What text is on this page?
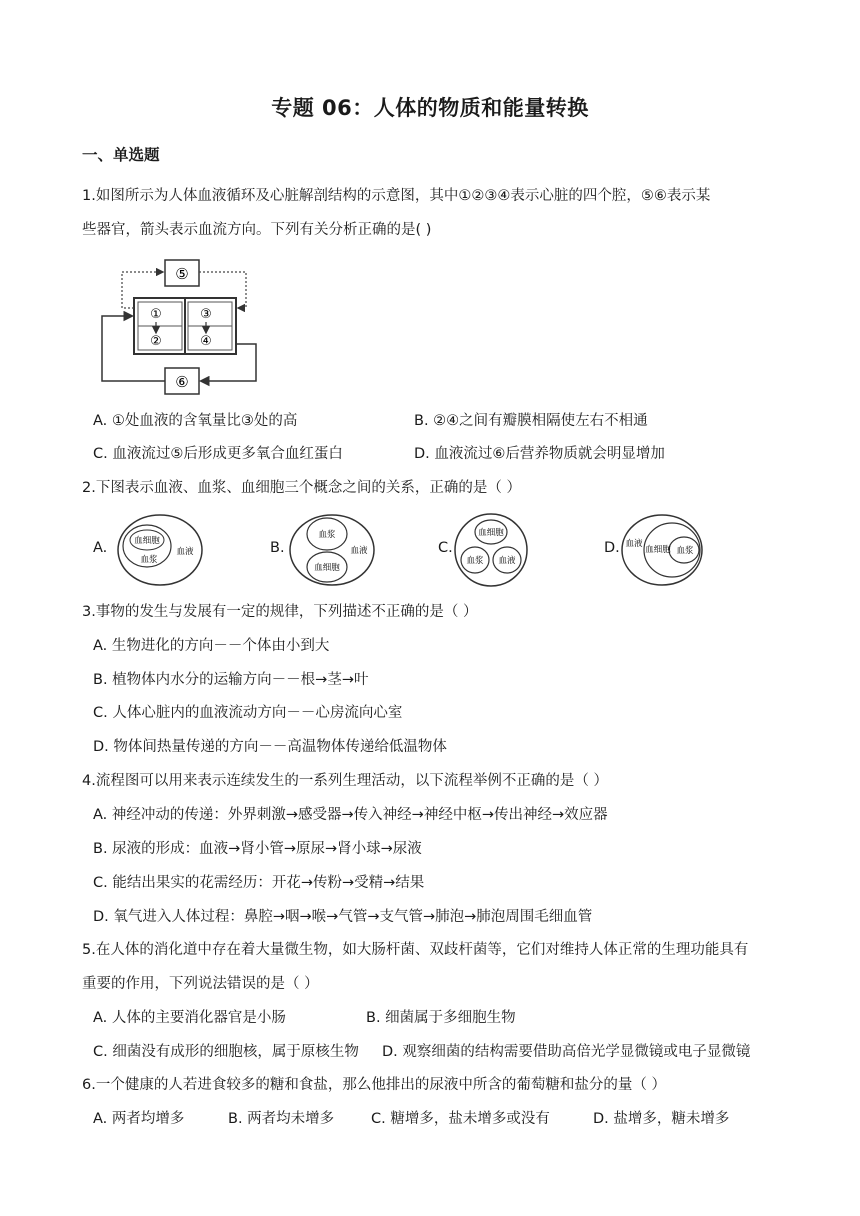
专题 06：人体的物质和能量转换
一、单选题
1.如图所示为人体血液循环及心脏解剖结构的示意图，其中①②③④表示心脏的四个腔，⑤⑥表示某
些器官，箭头表示血流方向。下列有关分析正确的是( )
⑤
⑥
①
②
③
④
A. ①处血液的含氧量比③处的高	B. ②④之间有瓣膜相隔使左右不相通
C. 血液流过⑤后形成更多氧合血红蛋白	D. 血液流过⑥后营养物质就会明显增加
2.下图表示血液、血浆、血细胞三个概念之间的关系，正确的是（ ）
A.	血细胞
血浆
血液	B.
血浆
血细胞
血液	C.
血细胞
血浆 血液
D. 血液
血细胞 血浆
3.事物的发生与发展有一定的规律，下列描述不正确的是（ ）
A. 生物进化的方向－－个体由小到大
B. 植物体内水分的运输方向－－根→茎→叶
C. 人体心脏内的血液流动方向－－心房流向心室
D. 物体间热量传递的方向－－高温物体传递给低温物体
4.流程图可以用来表示连续发生的一系列生理活动，以下流程举例不正确的是（ ）
A. 神经冲动的传递：外界刺激→感受器→传入神经→神经中枢→传出神经→效应器
B. 尿液的形成：血液→肾小管→原尿→肾小球→尿液
C. 能结出果实的花需经历：开花→传粉→受精→结果
D. 氧气进入人体过程：鼻腔→咽→喉→气管→支气管→肺泡→肺泡周围毛细血管
5.在人体的消化道中存在着大量微生物，如大肠杆菌、双歧杆菌等，它们对维持人体正常的生理功能具有
重要的作用，下列说法错误的是（ ）
A. 人体的主要消化器官是小肠	B. 细菌属于多细胞生物
C. 细菌没有成形的细胞核，属于原核生物 D. 观察细菌的结构需要借助高倍光学显微镜或电子显微镜
6.一个健康的人若进食较多的糖和食盐，那么他排出的尿液中所含的葡萄糖和盐分的量（ ）
A. 两者均增多	B. 两者均未增多	C. 糖增多，盐未增多或没有	D. 盐增多，糖未增多
